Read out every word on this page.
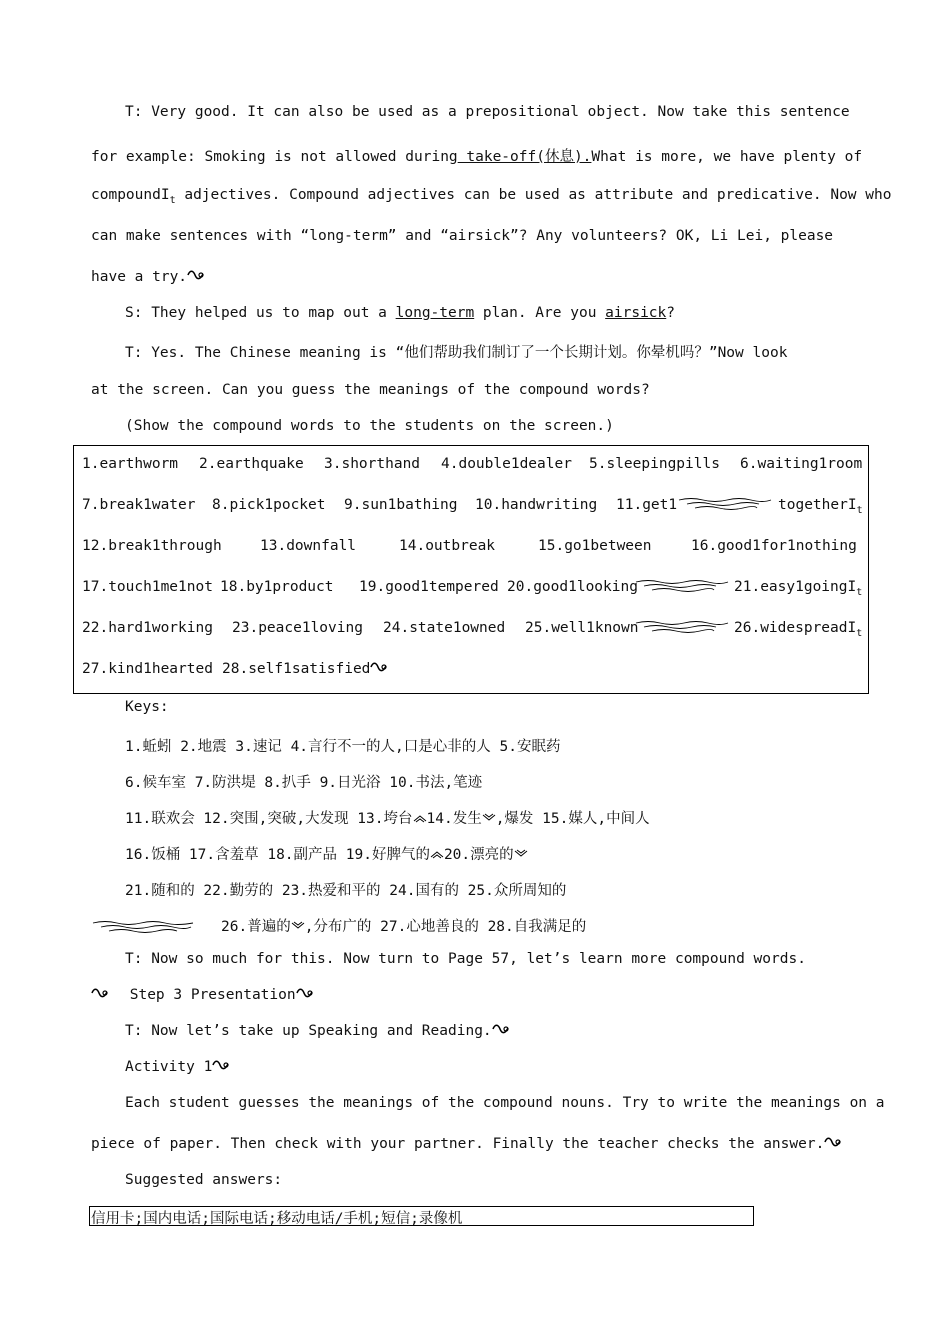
T: Very good. It can also be used as a prepositional object. Now take this sentence
for example: Smoking is not allowed during take-off(休息).What is more, we have plenty of
compoundI$_t$ adjectives. Compound adjectives can be used as attribute and predicative. Now who
can make sentences with “long-term” and “airsick”? Any volunteers? OK, Li Lei, please
have a try.
S: They helped us to map out a long-term plan. Are you airsick?
T: Yes. The Chinese meaning is “他们帮助我们制订了一个长期计划。你晕机吗？”Now look
at the screen. Can you guess the meanings of the compound words?
(Show the compound words to the students on the screen.)
1.earthworm 2.earthquake 3.shorthand 4.double1dealer 5.sleepingpills 6.waiting1room
7.break1water 8.pick1pocket 9.sun1bathing 10.handwriting 11.get1	togetherI$_t$
12.break1through	13.downfall	14.outbreak	15.go1between	16.good1for1nothing
17.touch1me1not 18.by1product 19.good1tempered 20.good1looking	21.easy1goingI$_t$
22.hard1working 23.peace1loving 24.state1owned 25.well1known	26.widespreadI$_t$
27.kind1hearted 28.self1satisfied
Keys:
1.蚯蚓 2.地震 3.速记 4.言行不一的人,口是心非的人 5.安眠药
6.候车室 7.防洪堤 8.扒手 9.日光浴 10.书法,笔迹
11.联欢会 12.突围,突破,大发现 13.垮台 14.发生 ,爆发 15.媒人,中间人
16.饭桶 17.含羞草 18.副产品 19.好脾气的 20.漂亮的
21.随和的 22.勤劳的 23.热爱和平的 24.国有的 25.众所周知的
26.普遍的 ,分布广的 27.心地善良的 28.自我满足的
T: Now so much for this. Now turn to Page 57, let’s learn more compound words.
Step 3 Presentation
T: Now let’s take up Speaking and Reading.
Activity 1
Each student guesses the meanings of the compound nouns. Try to write the meanings on a
piece of paper. Then check with your partner. Finally the teacher checks the answer.
Suggested answers:
信用卡;国内电话;国际电话;移动电话/手机;短信;录像机
